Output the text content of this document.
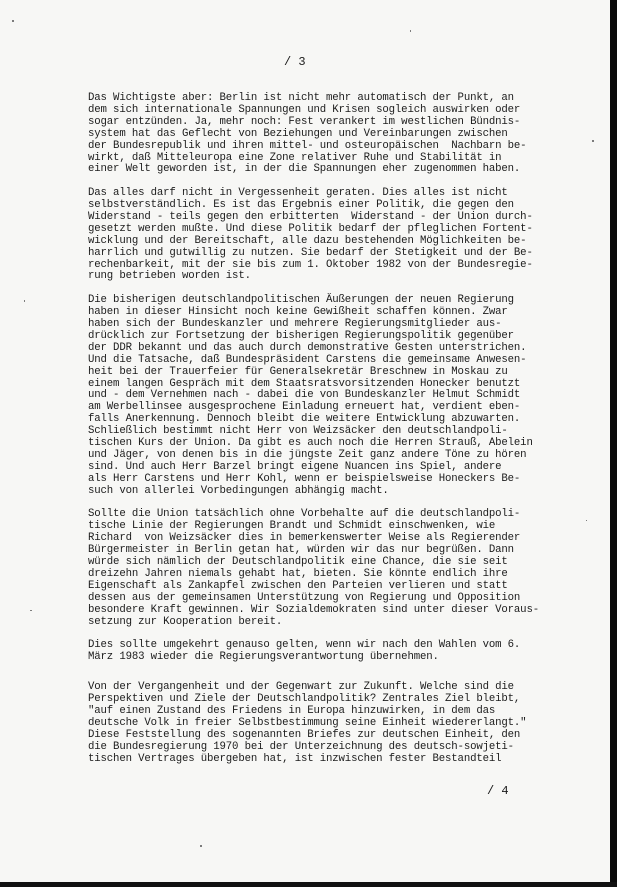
/ 3

Das Wichtigste aber: Berlin ist nicht mehr automatisch der Punkt, an
dem sich internationale Spannungen und Krisen sogleich auswirken oder
sogar entzünden. Ja, mehr noch: Fest verankert im westlichen Bündnis-
system hat das Geflecht von Beziehungen und Vereinbarungen zwischen
der Bundesrepublik und ihren mittel- und osteuropäischen  Nachbarn be-
wirkt, daß Mitteleuropa eine Zone relativer Ruhe und Stabilität in
einer Welt geworden ist, in der die Spannungen eher zugenommen haben.

Das alles darf nicht in Vergessenheit geraten. Dies alles ist nicht
selbstverständlich. Es ist das Ergebnis einer Politik, die gegen den
Widerstand - teils gegen den erbitterten  Widerstand - der Union durch-
gesetzt werden mußte. Und diese Politik bedarf der pfleglichen Fortent-
wicklung und der Bereitschaft, alle dazu bestehenden Möglichkeiten be-
harrlich und gutwillig zu nutzen. Sie bedarf der Stetigkeit und der Be-
rechenbarkeit, mit der sie bis zum 1. Oktober 1982 von der Bundesregie-
rung betrieben worden ist.

Die bisherigen deutschlandpolitischen Äußerungen der neuen Regierung
haben in dieser Hinsicht noch keine Gewißheit schaffen können. Zwar
haben sich der Bundeskanzler und mehrere Regierungsmitglieder aus-
drücklich zur Fortsetzung der bisherigen Regierungspolitik gegenüber
der DDR bekannt und das auch durch demonstrative Gesten unterstrichen.
Und die Tatsache, daß Bundespräsident Carstens die gemeinsame Anwesen-
heit bei der Trauerfeier für Generalsekretär Breschnew in Moskau zu
einem langen Gespräch mit dem Staatsratsvorsitzenden Honecker benutzt
und - dem Vernehmen nach - dabei die von Bundeskanzler Helmut Schmidt
am Werbellinsee ausgesprochene Einladung erneuert hat, verdient eben-
falls Anerkennung. Dennoch bleibt die weitere Entwicklung abzuwarten.
Schließlich bestimmt nicht Herr von Weizsäcker den deutschlandpoli-
tischen Kurs der Union. Da gibt es auch noch die Herren Strauß, Abelein
und Jäger, von denen bis in die jüngste Zeit ganz andere Töne zu hören
sind. Und auch Herr Barzel bringt eigene Nuancen ins Spiel, andere
als Herr Carstens und Herr Kohl, wenn er beispielsweise Honeckers Be-
such von allerlei Vorbedingungen abhängig macht.

Sollte die Union tatsächlich ohne Vorbehalte auf die deutschlandpoli-
tische Linie der Regierungen Brandt und Schmidt einschwenken, wie
Richard  von Weizsäcker dies in bemerkenswerter Weise als Regierender
Bürgermeister in Berlin getan hat, würden wir das nur begrüßen. Dann
würde sich nämlich der Deutschlandpolitik eine Chance, die sie seit
dreizehn Jahren niemals gehabt hat, bieten. Sie könnte endlich ihre
Eigenschaft als Zankapfel zwischen den Parteien verlieren und statt
dessen aus der gemeinsamen Unterstützung von Regierung und Opposition
besondere Kraft gewinnen. Wir Sozialdemokraten sind unter dieser Voraus-
setzung zur Kooperation bereit.

Dies sollte umgekehrt genauso gelten, wenn wir nach den Wahlen vom 6.
März 1983 wieder die Regierungsverantwortung übernehmen.

Von der Vergangenheit und der Gegenwart zur Zukunft. Welche sind die
Perspektiven und Ziele der Deutschlandpolitik? Zentrales Ziel bleibt,
"auf einen Zustand des Friedens in Europa hinzuwirken, in dem das
deutsche Volk in freier Selbstbestimmung seine Einheit wiedererlangt."
Diese Feststellung des sogenannten Briefes zur deutschen Einheit, den
die Bundesregierung 1970 bei der Unterzeichnung des deutsch-sowjeti-
tischen Vertrages übergeben hat, ist inzwischen fester Bestandteil

/ 4
